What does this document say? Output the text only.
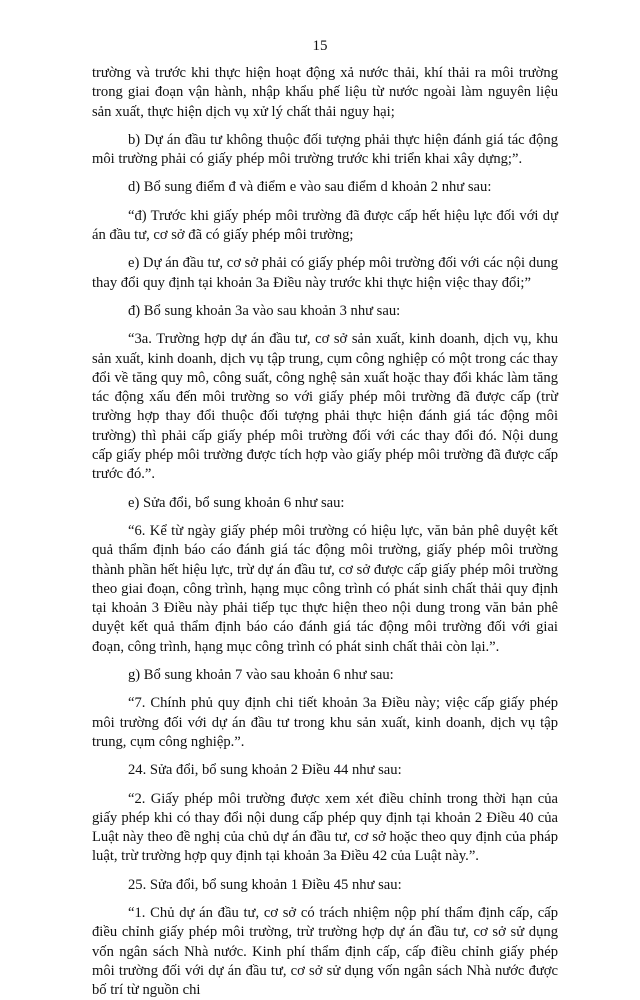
15

trường và trước khi thực hiện hoạt động xả nước thải, khí thải ra môi trường trong giai đoạn vận hành, nhập khẩu phế liệu từ nước ngoài làm nguyên liệu sản xuất, thực hiện dịch vụ xử lý chất thải nguy hại;

b) Dự án đầu tư không thuộc đối tượng phải thực hiện đánh giá tác động môi trường phải có giấy phép môi trường trước khi triển khai xây dựng;”.

d) Bổ sung điểm đ và điểm e vào sau điểm d khoản 2 như sau:

“đ) Trước khi giấy phép môi trường đã được cấp hết hiệu lực đối với dự án đầu tư, cơ sở đã có giấy phép môi trường;

e) Dự án đầu tư, cơ sở phải có giấy phép môi trường đối với các nội dung thay đổi quy định tại khoản 3a Điều này trước khi thực hiện việc thay đổi;”

đ) Bổ sung khoản 3a vào sau khoản 3 như sau:

“3a. Trường hợp dự án đầu tư, cơ sở sản xuất, kinh doanh, dịch vụ, khu sản xuất, kinh doanh, dịch vụ tập trung, cụm công nghiệp có một trong các thay đổi về tăng quy mô, công suất, công nghệ sản xuất hoặc thay đổi khác làm tăng tác động xấu đến môi trường so với giấy phép môi trường đã được cấp (trừ trường hợp thay đổi thuộc đối tượng phải thực hiện đánh giá tác động môi trường) thì phải cấp giấy phép môi trường đối với các thay đổi đó. Nội dung cấp giấy phép môi trường được tích hợp vào giấy phép môi trường đã được cấp trước đó.”.

e) Sửa đổi, bổ sung khoản 6 như sau:

“6. Kể từ ngày giấy phép môi trường có hiệu lực, văn bản phê duyệt kết quả thẩm định báo cáo đánh giá tác động môi trường, giấy phép môi trường thành phần hết hiệu lực, trừ dự án đầu tư, cơ sở được cấp giấy phép môi trường theo giai đoạn, công trình, hạng mục công trình có phát sinh chất thải quy định tại khoản 3 Điều này phải tiếp tục thực hiện theo nội dung trong văn bản phê duyệt kết quả thẩm định báo cáo đánh giá tác động môi trường đối với giai đoạn, công trình, hạng mục công trình có phát sinh chất thải còn lại.”.

g) Bổ sung khoản 7 vào sau khoản 6 như sau:

“7. Chính phủ quy định chi tiết khoản 3a Điều này; việc cấp giấy phép môi trường đối với dự án đầu tư trong khu sản xuất, kinh doanh, dịch vụ tập trung, cụm công nghiệp.”.

24. Sửa đổi, bổ sung khoản 2 Điều 44 như sau:

“2. Giấy phép môi trường được xem xét điều chỉnh trong thời hạn của giấy phép khi có thay đổi nội dung cấp phép quy định tại khoản 2 Điều 40 của Luật này theo đề nghị của chủ dự án đầu tư, cơ sở hoặc theo quy định của pháp luật, trừ trường hợp quy định tại khoản 3a Điều 42 của Luật này.”.

25. Sửa đổi, bổ sung khoản 1 Điều 45 như sau:

“1. Chủ dự án đầu tư, cơ sở có trách nhiệm nộp phí thẩm định cấp, cấp điều chỉnh giấy phép môi trường, trừ trường hợp dự án đầu tư, cơ sở sử dụng vốn ngân sách Nhà nước. Kinh phí thẩm định cấp, cấp điều chỉnh giấy phép môi trường đối với dự án đầu tư, cơ sở sử dụng vốn ngân sách Nhà nước được bố trí từ nguồn chi
